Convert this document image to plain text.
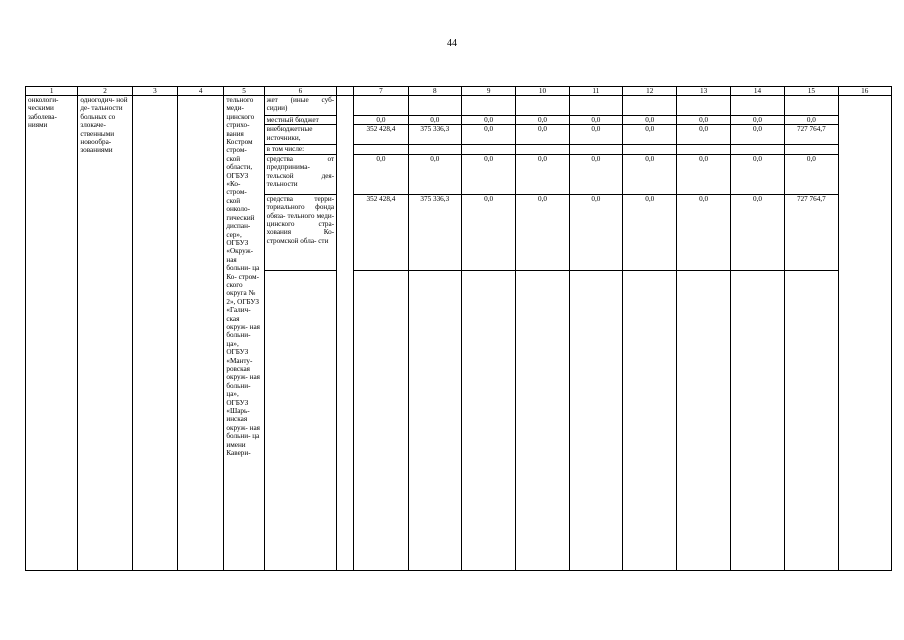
44
1	2	3	4	5	6		7	8	9	10	11	12	13	14	15	16
онкологи- ческими заболева- ниями	одногодич- ной де- тальности больных со злокаче- ственными новообра- зованиями			тельного меди- цинского стрихо- вания Костром стром- ской области, ОГБУЗ «Ко- стром- ской онколо- гический диспан- сер», ОГБУЗ «Окруж- ная больни- ца Ко- стром- ского округа № 2», ОГБУЗ «Галич- ская окруж- ная больни- ца», ОГБУЗ «Манту- ровская окруж- ная больни- ца», ОГБУЗ «Шарь- инская окруж- ная больни- ца имени Кавери-	жет (иные суб- сидии)											
					местный бюджет		0,0	0,0	0,0	0,0	0,0	0,0	0,0	0,0	0,0	
					внебюджетные источники,		352 428,4	375 336,3	0,0	0,0	0,0	0,0	0,0	0,0	727 764,7	
					в том числе:											
					средства от предпринима- тельской дея- тельности		0,0	0,0	0,0	0,0	0,0	0,0	0,0	0,0	0,0	
					средства терри- ториального фонда обяза- тельного меди- цинского стра- хования Ко- стромской обла- сти		352 428,4	375 336,3	0,0	0,0	0,0	0,0	0,0	0,0	727 764,7	
